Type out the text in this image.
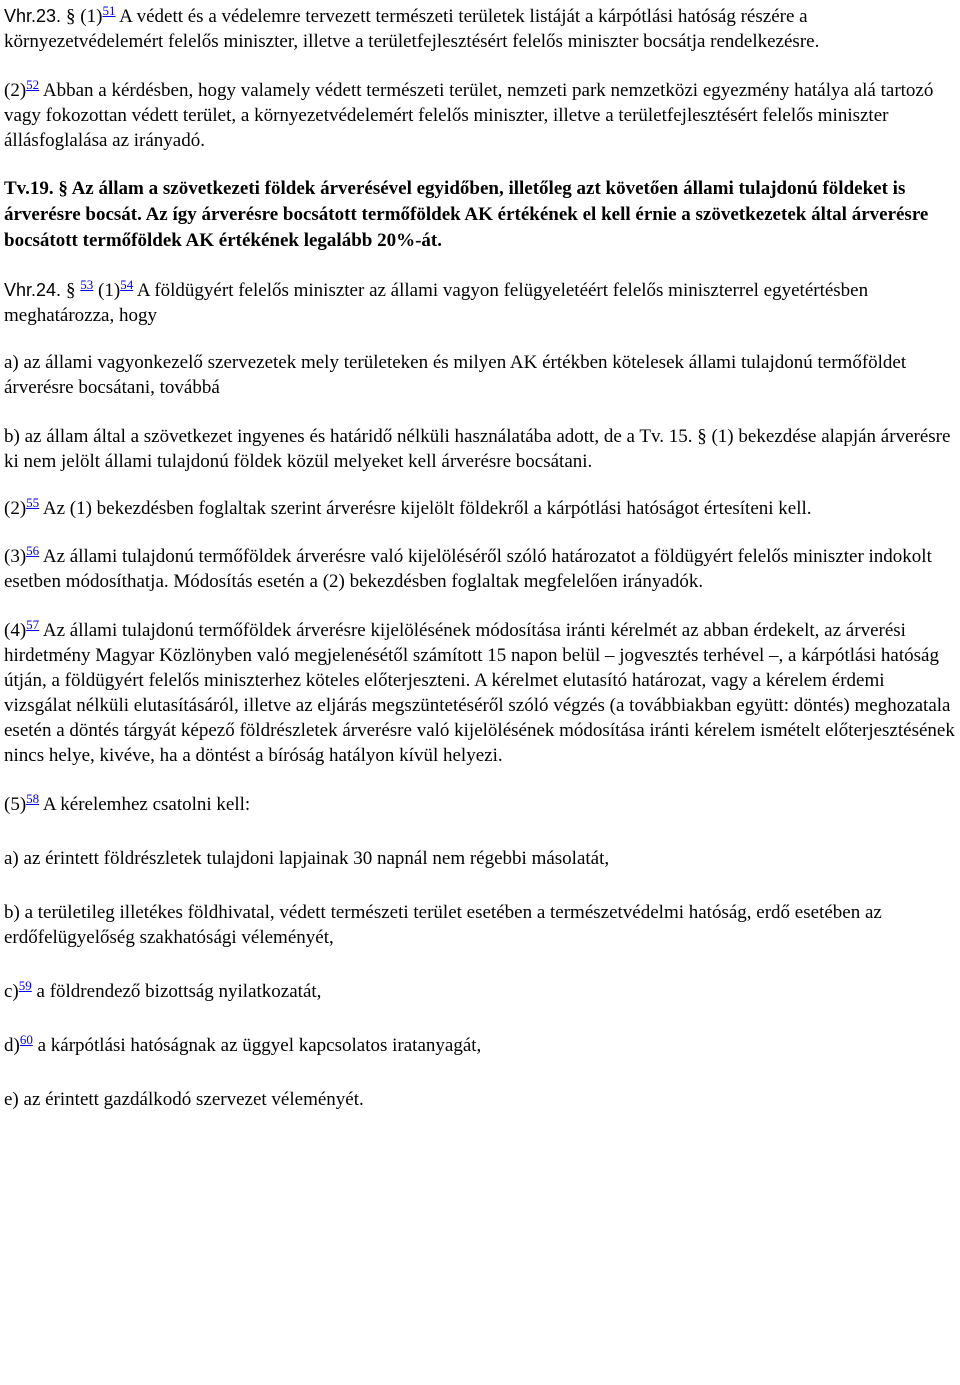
Vhr.23. § (1)$^{51}$ A védett és a védelemre tervezett természeti területek listáját a kárpótlási hatóság részére a környezetvédelemért felelős miniszter, illetve a területfejlesztésért felelős miniszter bocsátja rendelkezésre.

(2)$^{52}$ Abban a kérdésben, hogy valamely védett természeti terület, nemzeti park nemzetközi egyezmény hatálya alá tartozó vagy fokozottan védett terület, a környezetvédelemért felelős miniszter, illetve a területfejlesztésért felelős miniszter állásfoglalása az irányadó.

Tv.19. § Az állam a szövetkezeti földek árverésével egyidőben, illetőleg azt követően állami tulajdonú földeket is árverésre bocsát. Az így árverésre bocsátott termőföldek AK értékének el kell érnie a szövetkezetek által árverésre bocsátott termőföldek AK értékének legalább 20%-át.

Vhr.24. § $^{53}$ (1)$^{54}$ A földügyért felelős miniszter az állami vagyon felügyeletéért felelős miniszterrel egyetértésben meghatározza, hogy

a) az állami vagyonkezelő szervezetek mely területeken és milyen AK értékben kötelesek állami tulajdonú termőföldet árverésre bocsátani, továbbá

b) az állam által a szövetkezet ingyenes és határidő nélküli használatába adott, de a Tv. 15. § (1) bekezdése alapján árverésre ki nem jelölt állami tulajdonú földek közül melyeket kell árverésre bocsátani.

(2)$^{55}$ Az (1) bekezdésben foglaltak szerint árverésre kijelölt földekről a kárpótlási hatóságot értesíteni kell.

(3)$^{56}$ Az állami tulajdonú termőföldek árverésre való kijelöléséről szóló határozatot a földügyért felelős miniszter indokolt esetben módosíthatja. Módosítás esetén a (2) bekezdésben foglaltak megfelelően irányadók.

(4)$^{57}$ Az állami tulajdonú termőföldek árverésre kijelölésének módosítása iránti kérelmét az abban érdekelt, az árverési hirdetmény Magyar Közlönyben való megjelenésétől számított 15 napon belül – jogvesztés terhével –, a kárpótlási hatóság útján, a földügyért felelős miniszterhez köteles előterjeszteni. A kérelmet elutasító határozat, vagy a kérelem érdemi vizsgálat nélküli elutasításáról, illetve az eljárás megszüntetéséről szóló végzés (a továbbiakban együtt: döntés) meghozatala esetén a döntés tárgyát képező földrészletek árverésre való kijelölésének módosítása iránti kérelem ismételt előterjesztésének nincs helye, kivéve, ha a döntést a bíróság hatályon kívül helyezi.

(5)$^{58}$ A kérelemhez csatolni kell:

a) az érintett földrészletek tulajdoni lapjainak 30 napnál nem régebbi másolatát,

b) a területileg illetékes földhivatal, védett természeti terület esetében a természetvédelmi hatóság, erdő esetében az erdőfelügyelőség szakhatósági véleményét,

c)$^{59}$ a földrendező bizottság nyilatkozatát,

d)$^{60}$ a kárpótlási hatóságnak az üggyel kapcsolatos iratanyagát,

e) az érintett gazdálkodó szervezet véleményét.
